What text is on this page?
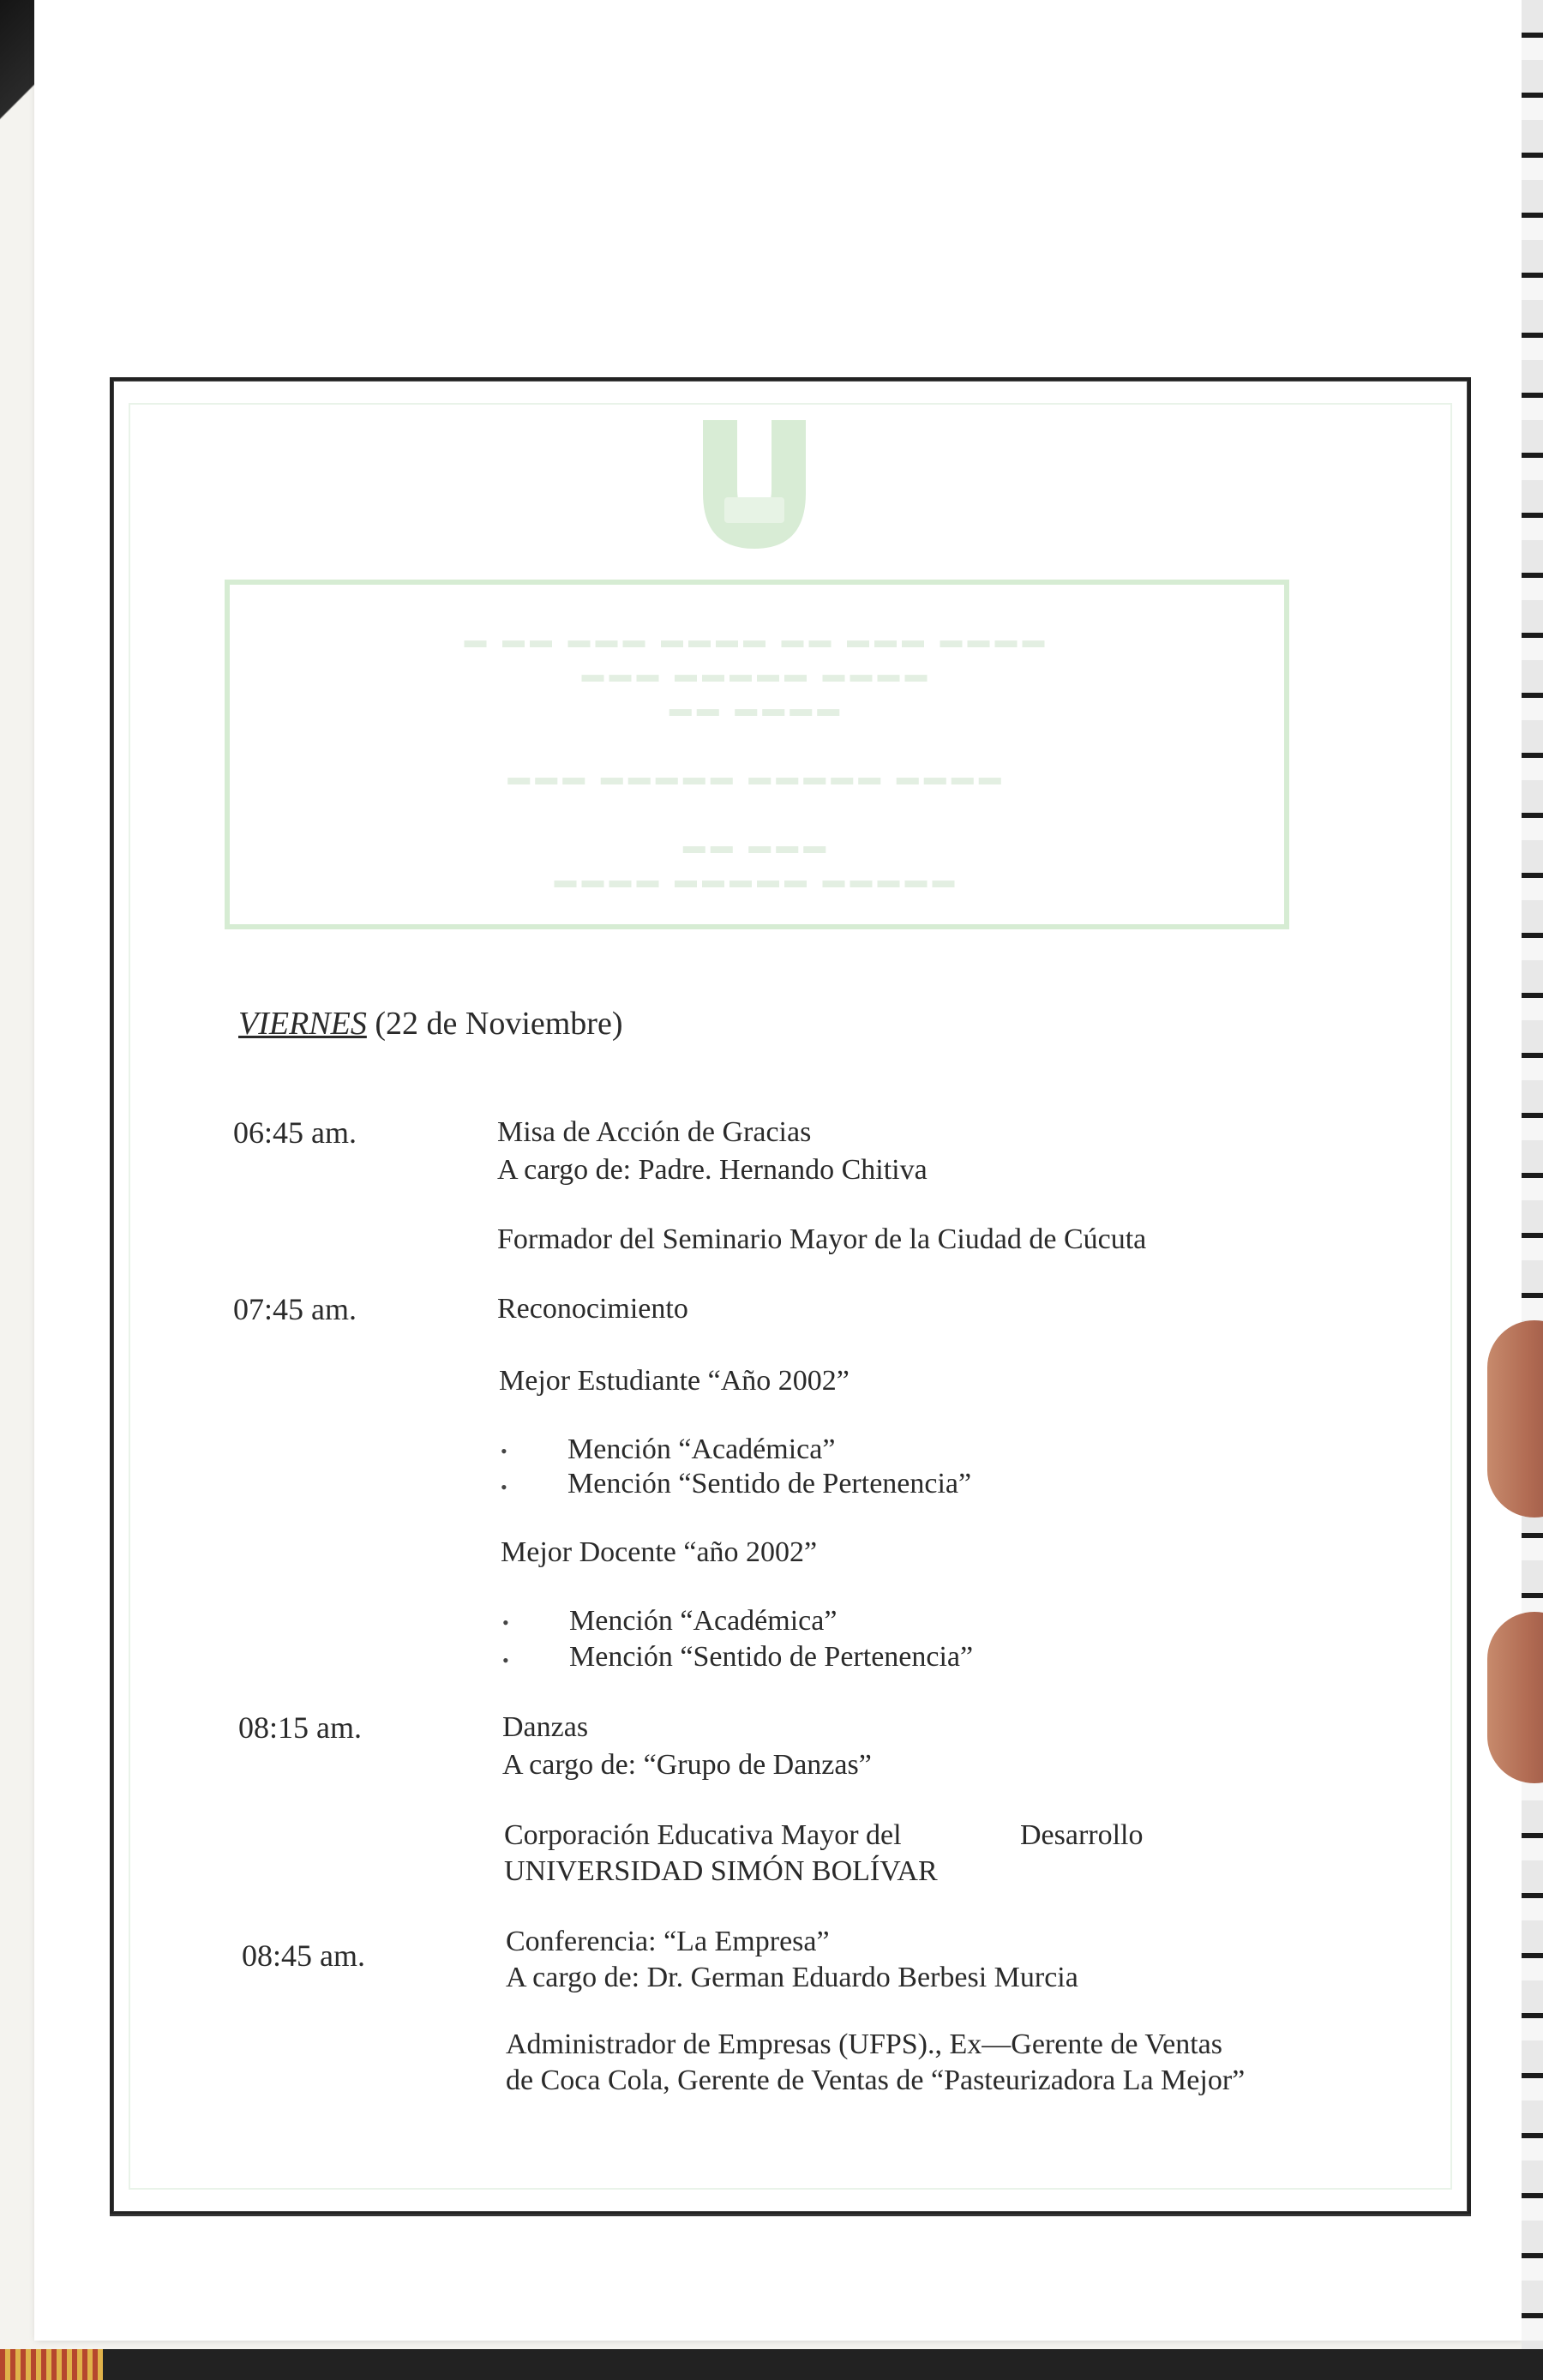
▬ ▬▬ ▬▬▬ ▬▬▬▬ ▬▬ ▬▬▬ ▬▬▬▬
▬▬▬ ▬▬▬▬▬ ▬▬▬▬
▬▬ ▬▬▬▬
▬▬▬ ▬▬▬▬▬ ▬▬▬▬▬ ▬▬▬▬
▬▬ ▬▬▬
▬▬▬▬ ▬▬▬▬▬ ▬▬▬▬▬
VIERNES (22 de Noviembre)
06:45 am.	Misa de Acción de Gracias
A cargo de: Padre. Hernando Chitiva
Formador del Seminario Mayor de la Ciudad de Cúcuta
07:45 am.	Reconocimiento
Mejor Estudiante “Año 2002”
• Mención “Académica”
• Mención “Sentido de Pertenencia”
Mejor Docente “año 2002”
• Mención “Académica”
• Mención “Sentido de Pertenencia”
08:15 am.	Danzas
A cargo de: “Grupo de Danzas”
Corporación Educativa Mayor del	Desarrollo
UNIVERSIDAD SIMÓN BOLÍVAR
08:45 am.	Conferencia: “La Empresa”
A cargo de: Dr. German Eduardo Berbesi Murcia
Administrador de Empresas (UFPS)., Ex—Gerente de Ventas
de Coca Cola, Gerente de Ventas de “Pasteurizadora La Mejor”
